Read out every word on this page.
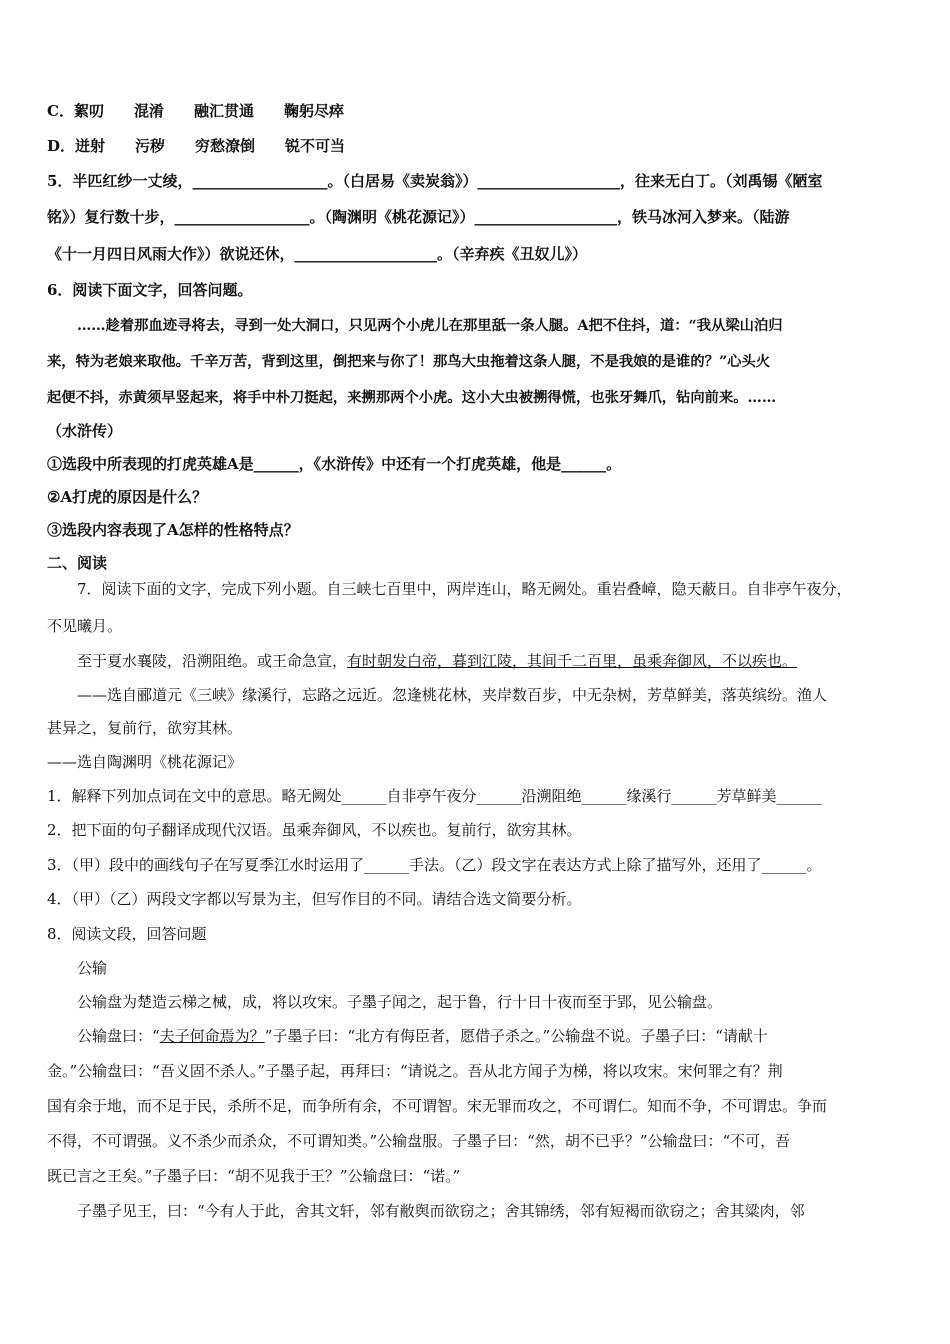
C．絮叨　　混淆　　融汇贯通　　鞠躬尽瘁
D．迸射　　污秽　　穷愁潦倒　　锐不可当
5．半匹红纱一丈绫，__________________。（白居易《卖炭翁》）___________________，往来无白丁。（刘禹锡《陋室
铭》）复行数十步，__________________。（陶渊明《桃花源记》）___________________，铁马冰河入梦来。（陆游
《十一月四日风雨大作》）欲说还休，___________________。（辛弃疾《丑奴儿》）
6．阅读下面文字，回答问题。
……趁着那血迹寻将去，寻到一处大洞口，只见两个小虎儿在那里舐一条人腿。A把不住抖，道：“我从梁山泊归
来，特为老娘来取他。千辛万苦，背到这里，倒把来与你了！那鸟大虫拖着这条人腿，不是我娘的是谁的？”心头火
起便不抖，赤黄须早竖起来，将手中朴刀挺起，来搠那两个小虎。这小大虫被搠得慌，也张牙舞爪，钻向前来。……
（水浒传）
①选段中所表现的打虎英雄A是______，《水浒传》中还有一个打虎英雄，他是______。
②A打虎的原因是什么？
③选段内容表现了A怎样的性格特点？
二、阅读
7．阅读下面的文字，完成下列小题。自三峡七百里中，两岸连山，略无阙处。重岩叠嶂，隐天蔽日。自非亭午夜分，
不见曦月。
至于夏水襄陵，沿溯阻绝。或王命急宣，有时朝发白帝，暮到江陵，其间千二百里，虽乘奔御风，不以疾也。
——选自郦道元《三峡》缘溪行，忘路之远近。忽逢桃花林，夹岸数百步，中无杂树，芳草鲜美，落英缤纷。渔人
甚异之，复前行，欲穷其林。
——选自陶渊明《桃花源记》
1．解释下列加点词在文中的意思。略无阙处______自非亭午夜分______沿溯阻绝______缘溪行______芳草鲜美______
2．把下面的句子翻译成现代汉语。虽乘奔御风，不以疾也。复前行，欲穷其林。
3．（甲）段中的画线句子在写夏季江水时运用了______手法。（乙）段文字在表达方式上除了描写外，还用了______。
4．（甲）（乙）两段文字都以写景为主，但写作目的不同。请结合选文简要分析。
8．阅读文段，回答问题
公输
公输盘为楚造云梯之械，成，将以攻宋。子墨子闻之，起于鲁，行十日十夜而至于郢，见公输盘。
公输盘曰：“夫子何命焉为？”子墨子曰：“北方有侮臣者，愿借子杀之。”公输盘不说。子墨子曰：“请献十
金。”公输盘曰：“吾义固不杀人。”子墨子起，再拜曰：“请说之。吾从北方闻子为梯，将以攻宋。宋何罪之有？荆
国有余于地，而不足于民，杀所不足，而争所有余，不可谓智。宋无罪而攻之，不可谓仁。知而不争，不可谓忠。争而
不得，不可谓强。义不杀少而杀众，不可谓知类。”公输盘服。子墨子曰：“然，胡不已乎？”公输盘曰：“不可，吾
既已言之王矣。”子墨子曰：“胡不见我于王？”公输盘曰：“诺。”
子墨子见王，曰：“今有人于此，舍其文轩，邻有敝舆而欲窃之；舍其锦绣，邻有短褐而欲窃之；舍其粱肉，邻
